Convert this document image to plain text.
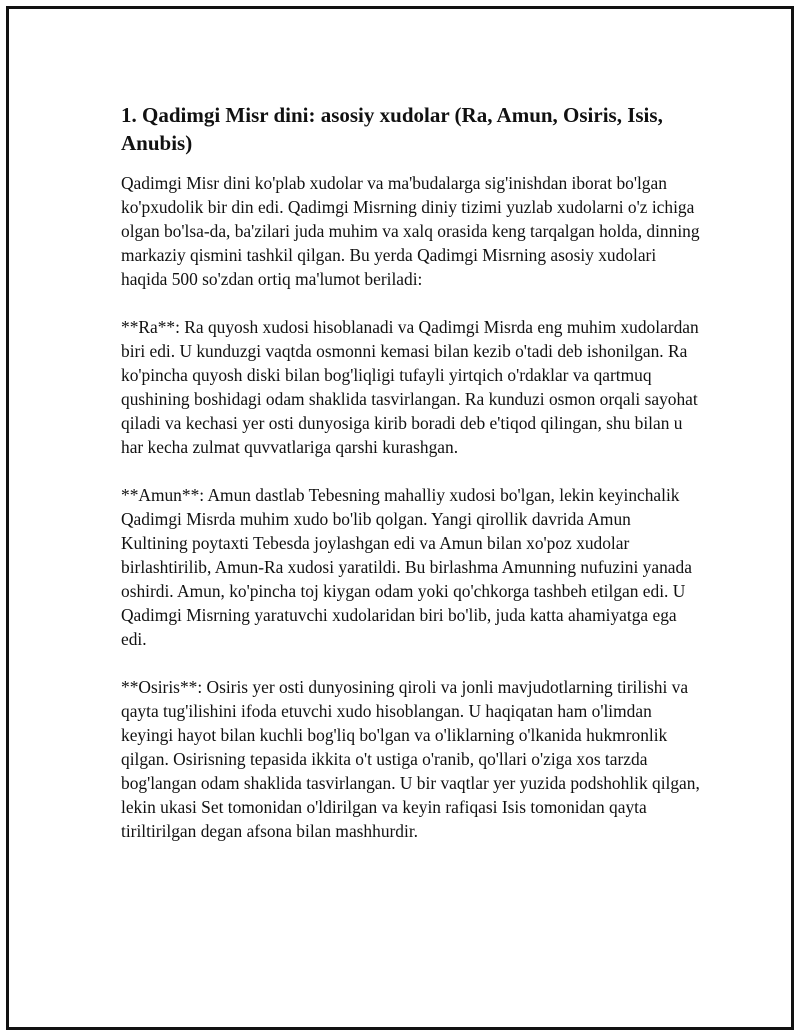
1. Qadimgi Misr dini: asosiy xudolar (Ra, Amun, Osiris, Isis, Anubis)

Qadimgi Misr dini ko'plab xudolar va ma'budalarga sig'inishdan iborat bo'lgan ko'pxudolik bir din edi. Qadimgi Misrning diniy tizimi yuzlab xudolarni o'z ichiga olgan bo'lsa-da, ba'zilari juda muhim va xalq orasida keng tarqalgan holda, dinning markaziy qismini tashkil qilgan. Bu yerda Qadimgi Misrning asosiy xudolari haqida 500 so'zdan ortiq ma'lumot beriladi:

**Ra**: Ra quyosh xudosi hisoblanadi va Qadimgi Misrda eng muhim xudolardan biri edi. U kunduzgi vaqtda osmonni kemasi bilan kezib o'tadi deb ishonilgan. Ra ko'pincha quyosh diski bilan bog'liqligi tufayli yirtqich o'rdaklar va qartmuq qushining boshidagi odam shaklida tasvirlangan. Ra kunduzi osmon orqali sayohat qiladi va kechasi yer osti dunyosiga kirib boradi deb e'tiqod qilingan, shu bilan u har kecha zulmat quvvatlariga qarshi kurashgan.

**Amun**: Amun dastlab Tebesning mahalliy xudosi bo'lgan, lekin keyinchalik Qadimgi Misrda muhim xudo bo'lib qolgan. Yangi qirollik davrida Amun Kultining poytaxti Tebesda joylashgan edi va Amun bilan xo'poz xudolar birlashtirilib, Amun-Ra xudosi yaratildi. Bu birlashma Amunning nufuzini yanada oshirdi. Amun, ko'pincha toj kiygan odam yoki qo'chkorga tashbeh etilgan edi. U Qadimgi Misrning yaratuvchi xudolaridan biri bo'lib, juda katta ahamiyatga ega edi.

**Osiris**: Osiris yer osti dunyosining qiroli va jonli mavjudotlarning tirilishi va qayta tug'ilishini ifoda etuvchi xudo hisoblangan. U haqiqatan ham o'limdan keyingi hayot bilan kuchli bog'liq bo'lgan va o'liklarning o'lkanida hukmronlik qilgan. Osirisning tepasida ikkita o't ustiga o'ranib, qo'llari o'ziga xos tarzda bog'langan odam shaklida tasvirlangan. U bir vaqtlar yer yuzida podshohlik qilgan, lekin ukasi Set tomonidan o'ldirilgan va keyin rafiqasi Isis tomonidan qayta tiriltirilgan degan afsona bilan mashhurdir.
